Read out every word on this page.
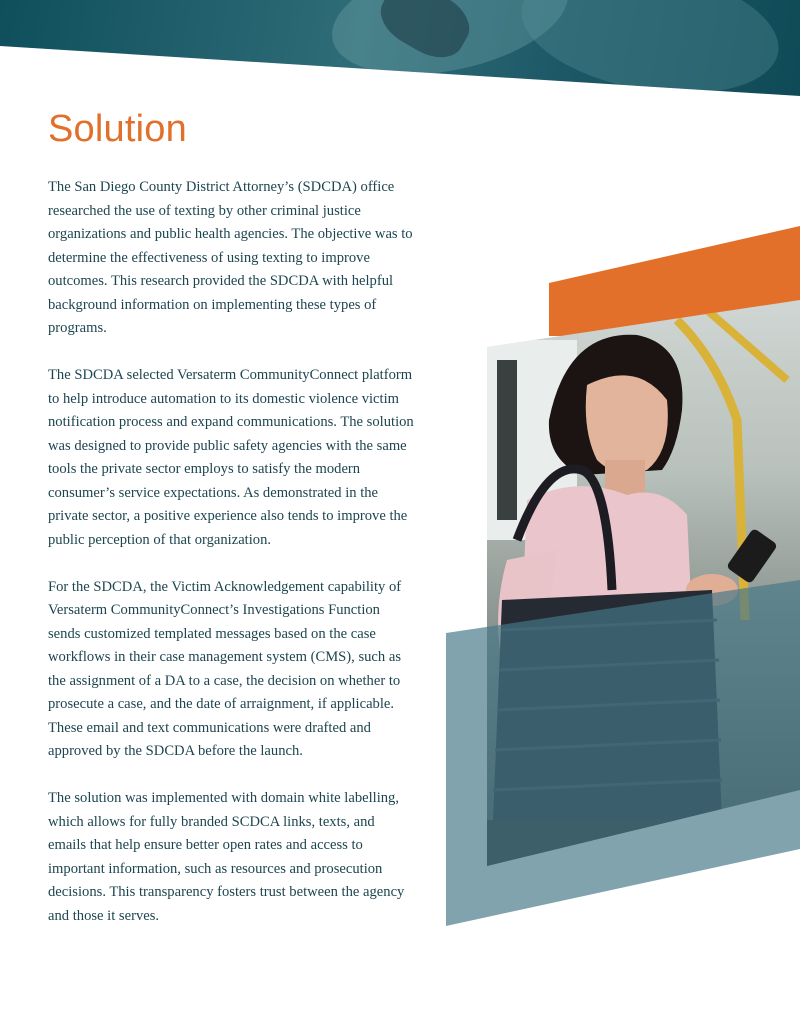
Solution

The San Diego County District Attorney’s (SDCDA) office researched the use of texting by other criminal justice organizations and public health agencies. The objective was to determine the effectiveness of using texting to improve outcomes. This research provided the SDCDA with helpful background information on implementing these types of programs.

The SDCDA selected Versaterm CommunityConnect platform to help introduce automation to its domestic violence victim notification process and expand communications. The solution was designed to provide public safety agencies with the same tools the private sector employs to satisfy the modern consumer’s service expectations. As demonstrated in the private sector, a positive experience also tends to improve the public perception of that organization.

For the SDCDA, the Victim Acknowledgement capability of Versaterm CommunityConnect’s Investigations Function sends customized templated messages based on the case workflows in their case management system (CMS), such as the assignment of a DA to a case, the decision on whether to prosecute a case, and the date of arraignment, if applicable. These email and text communications were drafted and approved by the SDCDA before the launch.

The solution was implemented with domain white labelling, which allows for fully branded SCDCA links, texts, and emails that help ensure better open rates and access to important information, such as resources and prosecution decisions. This transparency fosters trust between the agency and those it serves.
